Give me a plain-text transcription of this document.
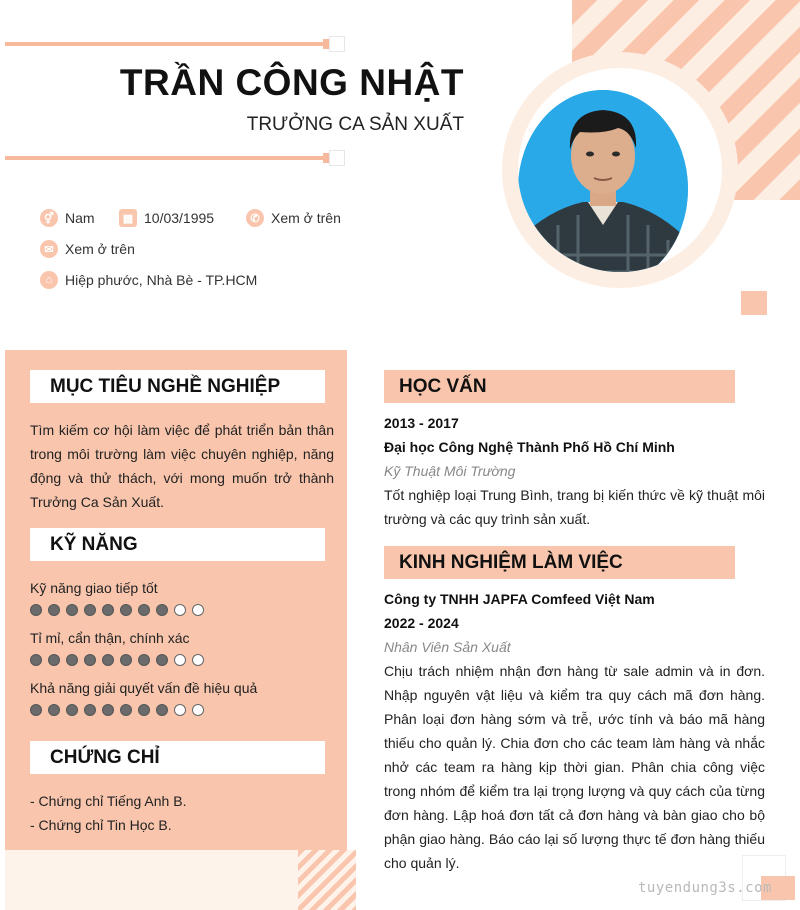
TRẦN CÔNG NHẬT
TRƯỞNG CA SẢN XUẤT
⚥ Nam	▦ 10/03/1995	✆ Xem ở trên
✉ Xem ở trên
⌂ Hiệp phước, Nhà Bè - TP.HCM
MỤC TIÊU NGHỀ NGHIỆP
Tìm kiếm cơ hội làm việc để phát triển bản thân trong môi trường làm việc chuyên nghiệp, năng động và thử thách, với mong muốn trở thành Trưởng Ca Sản Xuất.
KỸ NĂNG
Kỹ năng giao tiếp tốt
Tỉ mỉ, cẩn thận, chính xác
Khả năng giải quyết vấn đề hiệu quả
CHỨNG CHỈ
- Chứng chỉ Tiếng Anh B.
- Chứng chỉ Tin Học B.
HỌC VẤN
2013 - 2017
Đại học Công Nghệ Thành Phố Hồ Chí Minh
Kỹ Thuật Môi Trường
Tốt nghiệp loại Trung Bình, trang bị kiến thức về kỹ thuật môi trường và các quy trình sản xuất.
KINH NGHIỆM LÀM VIỆC
Công ty TNHH JAPFA Comfeed Việt Nam
2022 - 2024
Nhân Viên Sản Xuất
Chịu trách nhiệm nhận đơn hàng từ sale admin và in đơn. Nhập nguyên vật liệu và kiểm tra quy cách mã đơn hàng. Phân loại đơn hàng sớm và trễ, ước tính và báo mã hàng thiếu cho quản lý. Chia đơn cho các team làm hàng và nhắc nhở các team ra hàng kịp thời gian. Phân chia công việc trong nhóm để kiểm tra lại trọng lượng và quy cách của từng đơn hàng. Lập hoá đơn tất cả đơn hàng và bàn giao cho bộ phận giao hàng. Báo cáo lại số lượng thực tế đơn hàng thiếu cho quản lý.
tuyendung3s.com
